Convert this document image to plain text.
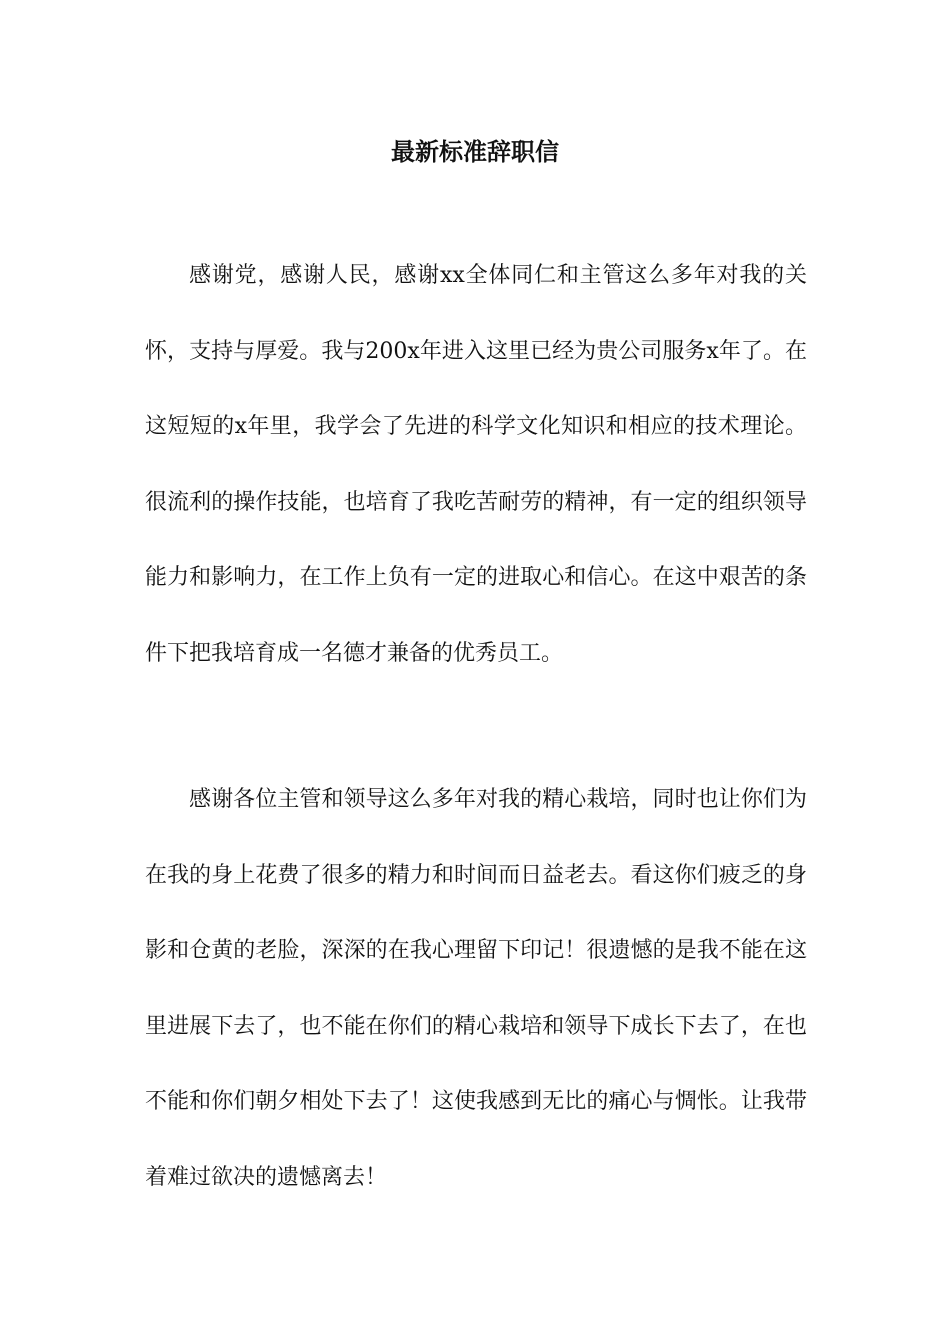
最新标准辞职信

感谢党，感谢人民，感谢xx全体同仁和主管这么多年对我的关怀，支持与厚爱。我与200x年进入这里已经为贵公司服务x年了。在这短短的x年里，我学会了先进的科学文化知识和相应的技术理论。很流利的操作技能，也培育了我吃苦耐劳的精神，有一定的组织领导能力和影响力，在工作上负有一定的进取心和信心。在这中艰苦的条件下把我培育成一名德才兼备的优秀员工。

感谢各位主管和领导这么多年对我的精心栽培，同时也让你们为在我的身上花费了很多的精力和时间而日益老去。看这你们疲乏的身影和仓黄的老脸，深深的在我心理留下印记！很遗憾的是我不能在这里进展下去了，也不能在你们的精心栽培和领导下成长下去了，在也不能和你们朝夕相处下去了！这使我感到无比的痛心与惆怅。让我带着难过欲决的遗憾离去！
